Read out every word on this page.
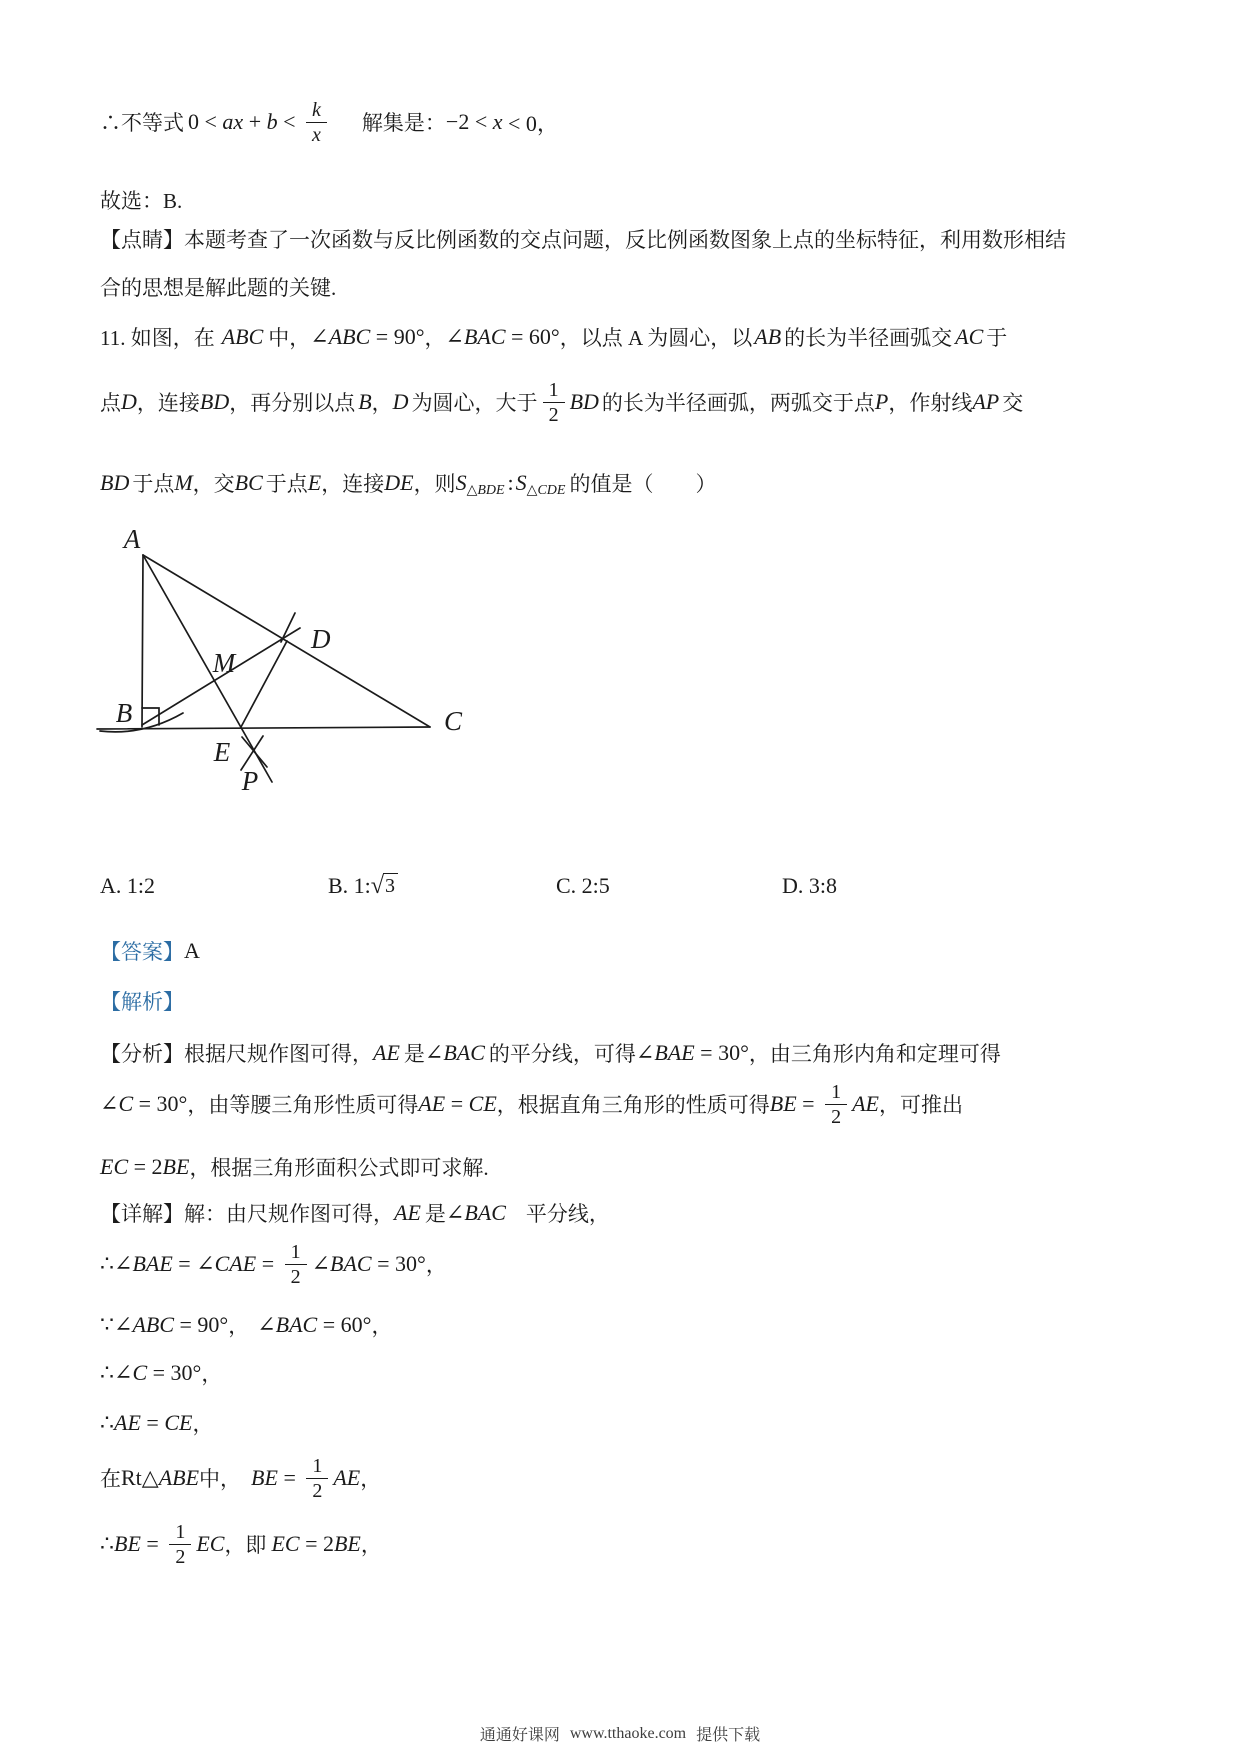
∴不等式 0 < ax + $b < \frac{k}{x}$ 解集是： −2 < x < 0，
故选：B.
【点睛】本题考查了一次函数与反比例函数的交点问题，反比例函数图象上点的坐标特征，利用数形相结
合的思想是解此题的关键.
11. 如图，在 ABC 中， ∠ ABC = 90° ， ∠ BAC = 60° ，以点 A 为圆心，以 AB 的长为半径画弧交 AC 于
点 D ，连接 BD ，再分别以点 B ， D 为圆心，大于 $\frac{1}{2}$ BD 的长为半径画弧，两弧交于点 P ，作射线 AP 交
BD 于点 M ，交 BC 于点 E ，连接 DE ，则 S △BDE : S △CDE 的值是（　　）
A
B	C
D
M
E
P
A. 1:2	B. 1: √ 3	C. 2:5	D. 3:8
【答案】 A
【解析】
【分析】根据尺规作图可得， AE 是 ∠ BAC 的平分线，可得 ∠ BAE = 30° ，由三角形内角和定理可得
∠ C = 30° ，由等腰三角形性质可得 AE = CE ，根据直角三角形的性质可得 BE = $\frac{1}{2}$ AE ，可推出
EC = 2 BE ，根据三角形面积公式即可求解.
【详解】解：由尺规作图可得， AE 是 ∠ BAC 平分线，
∴ ∠ BAE = ∠ CAE = $\frac{1}{2}$ ∠ BAC = 30° ，
∵ ∠ ABC = 90° ， ∠ BAC = 60° ，
∴ ∠ C = 30° ，
∴ AE = CE ，
在 Rt△ ABE 中， BE = $\frac{1}{2}$ AE ，
∴ BE = $\frac{1}{2}$ EC ，即 EC = 2 BE ，
通通好课网 www.tthaoke.com 提供下载
